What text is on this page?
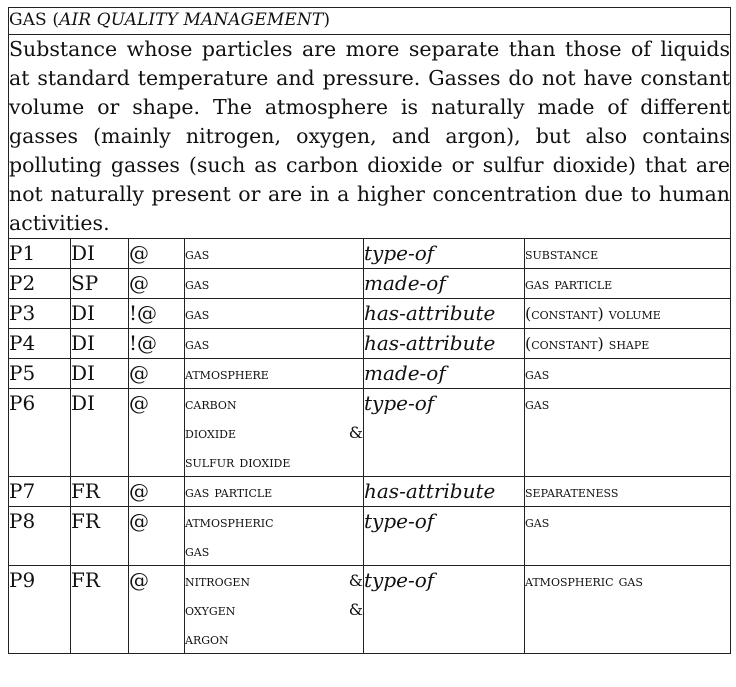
GAS (AIR QUALITY MANAGEMENT)					
Substance whose particles are more separate than those of liquids at standard temperature and pressure. Gasses do not have constant volume or shape. The atmosphere is naturally made of different gasses (mainly nitrogen, oxygen, and argon), but also contains polluting gasses (such as carbon dioxide or sulfur dioxide) that are not naturally present or are in a higher concentration due to human activities.					
P1	DI	@	gas	type-of	substance
P2	SP	@	gas	made-of	gas particle
P3	DI	!@	gas	has-attribute	(constant) volume
P4	DI	!@	gas	has-attribute	(constant) shape
P5	DI	@	atmosphere	made-of	gas
P6	DI	@	carbon
dioxide &
sulfur dioxide	type-of	gas
P7	FR	@	gas particle	has-attribute	separateness
P8	FR	@	atmospheric
gas	type-of	gas
P9	FR	@	nitrogen &
oxygen &
argon	type-of	atmospheric gas
